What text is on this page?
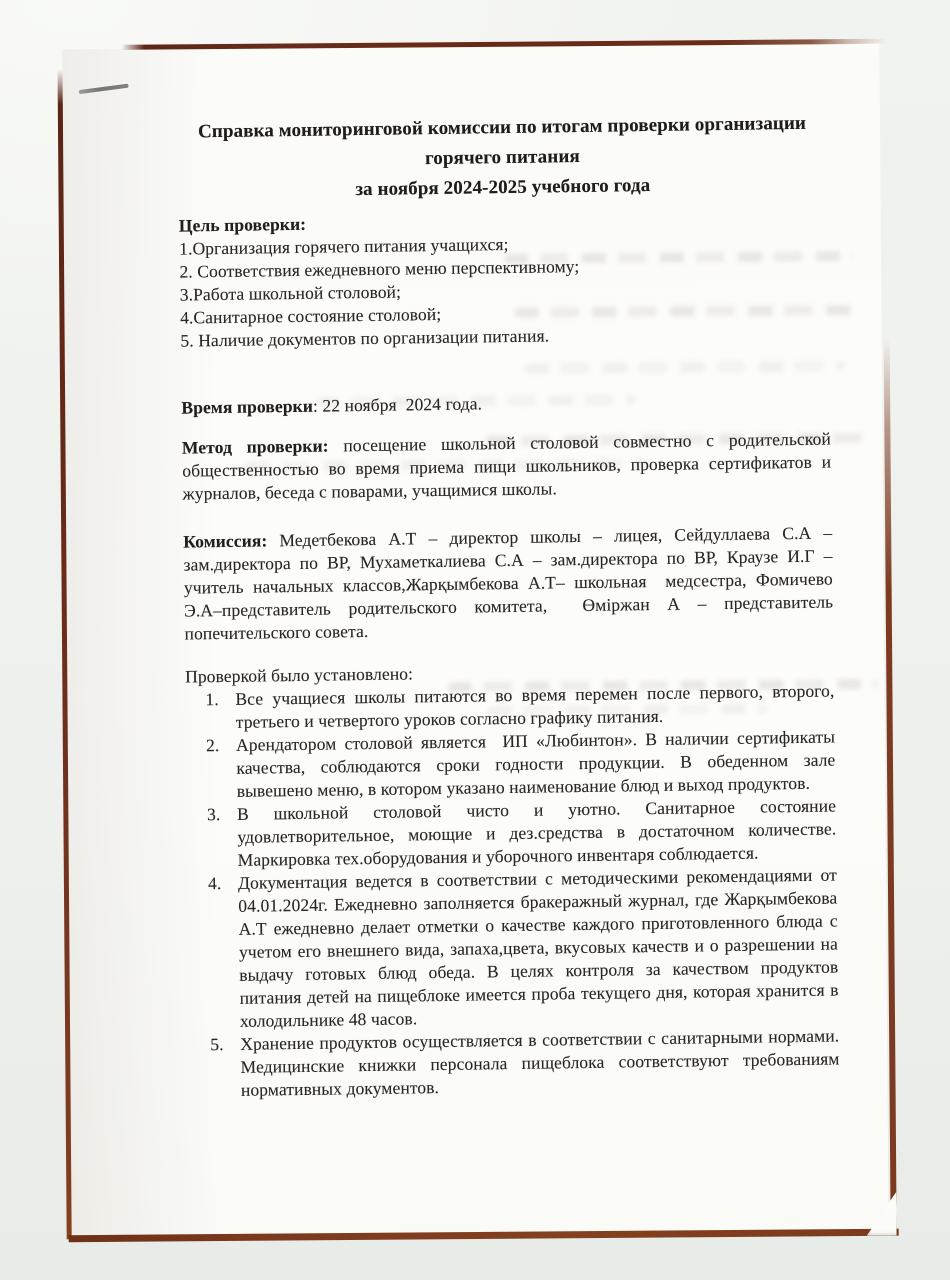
Справка мониторинговой комиссии по итогам проверки организации
горячего питания
за ноября 2024-2025 учебного года
Цель проверки:
1.Организация горячего питания учащихся;
2. Соответствия ежедневного меню перспективному;
3.Работа школьной столовой;
4.Санитарное состояние столовой;
5. Наличие документов по организации питания.

Время проверки: 22 ноября  2024 года.

Метод проверки: посещение школьной столовой совместно с родительской общественностью во время приема пищи школьников, проверка сертификатов и журналов, беседа с поварами, учащимися школы.

Комиссия: Медетбекова А.Т – директор школы – лицея, Сейдуллаева С.А – зам.директора по ВР, Мухаметкалиева С.А – зам.директора по ВР, Краузе И.Г – учитель начальных классов,Жарқымбекова А.Т– школьная  медсестра, Фомичево Э.А–представитель родительского комитета,  Өміржан А – представитель попечительского совета.

Проверкой было установлено:
1. Все учащиеся школы питаются во время перемен после первого, второго, третьего и четвертого уроков согласно графику питания.
2. Арендатором столовой является  ИП «Любинтон». В наличии сертификаты качества, соблюдаются сроки годности продукции. В обеденном зале вывешено меню, в котором указано наименование блюд и выход продуктов.
3. В школьной столовой чисто и уютно. Санитарное состояние удовлетворительное, моющие и дез.средства в достаточном количестве. Маркировка тех.оборудования и уборочного инвентаря соблюдается.
4. Документация ведется в соответствии с методическими рекомендациями от 04.01.2024г. Ежедневно заполняется бракеражный журнал, где Жарқымбекова А.Т ежедневно делает отметки о качестве каждого приготовленного блюда с учетом его внешнего вида, запаха,цвета, вкусовых качеств и о разрешении на выдачу готовых блюд обеда. В целях контроля за качеством продуктов питания детей на пищеблоке имеется проба текущего дня, которая хранится в холодильнике 48 часов.
5. Хранение продуктов осуществляется в соответствии с санитарными нормами. Медицинские книжки персонала пищеблока соответствуют требованиям нормативных документов.
